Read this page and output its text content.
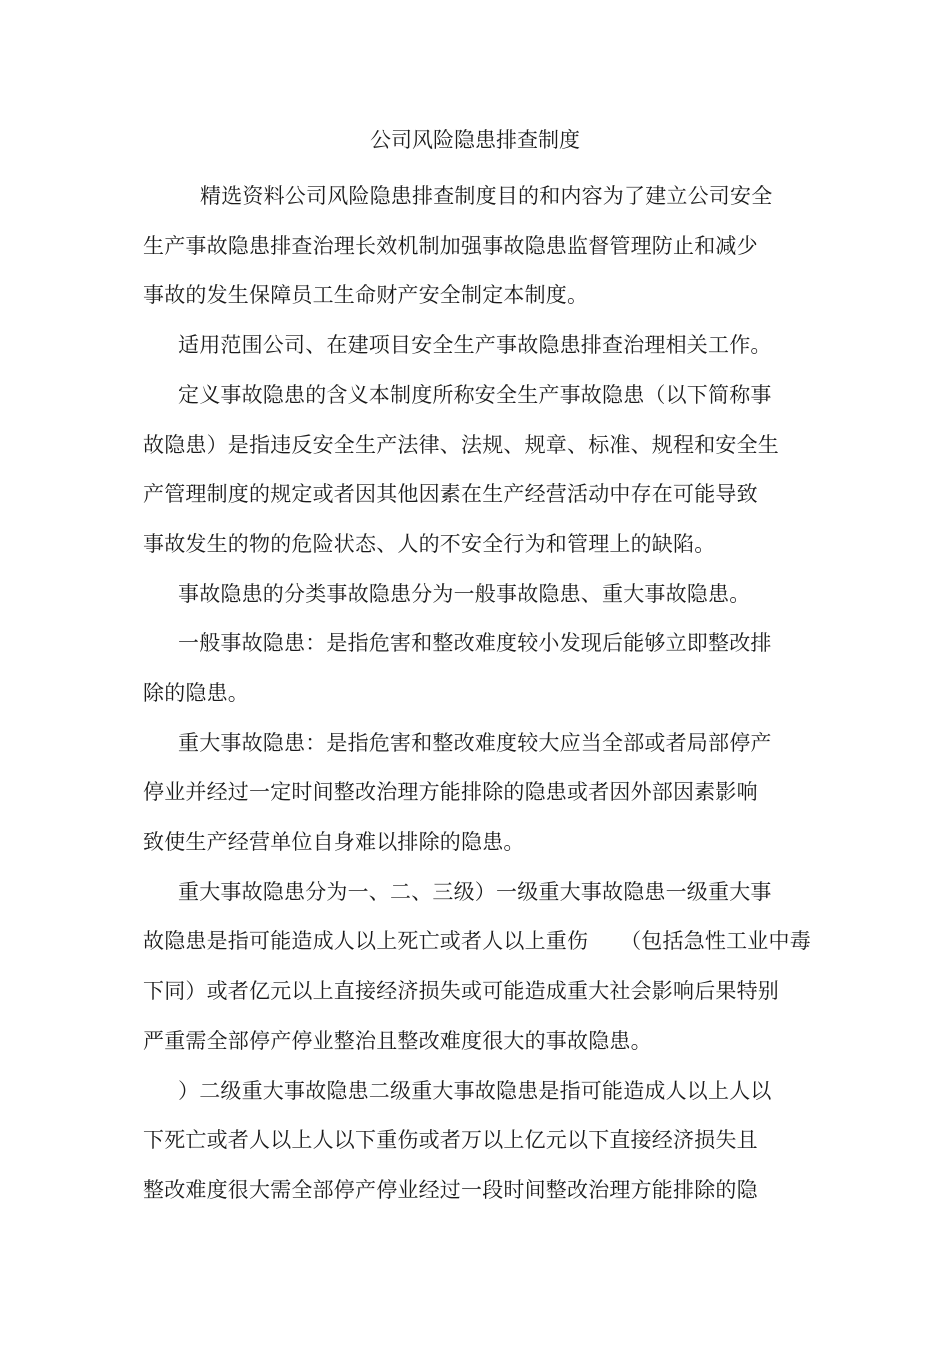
公司风险隐患排查制度
精选资料公司风险隐患排查制度目的和内容为了建立公司安全
生产事故隐患排查治理长效机制加强事故隐患监督管理防止和减少
事故的发生保障员工生命财产安全制定本制度。
适用范围公司、在建项目安全生产事故隐患排查治理相关工作。
定义事故隐患的含义本制度所称安全生产事故隐患（以下简称事
故隐患）是指违反安全生产法律、法规、规章、标准、规程和安全生
产管理制度的规定或者因其他因素在生产经营活动中存在可能导致
事故发生的物的危险状态、人的不安全行为和管理上的缺陷。
事故隐患的分类事故隐患分为一般事故隐患、重大事故隐患。
一般事故隐患：是指危害和整改难度较小发现后能够立即整改排
除的隐患。
重大事故隐患：是指危害和整改难度较大应当全部或者局部停产
停业并经过一定时间整改治理方能排除的隐患或者因外部因素影响
致使生产经营单位自身难以排除的隐患。
重大事故隐患分为一、二、三级）一级重大事故隐患一级重大事
故隐患是指可能造成人以上死亡或者人以上重伤　　（包括急性工业中毒
下同）或者亿元以上直接经济损失或可能造成重大社会影响后果特别
严重需全部停产停业整治且整改难度很大的事故隐患。
）二级重大事故隐患二级重大事故隐患是指可能造成人以上人以
下死亡或者人以上人以下重伤或者万以上亿元以下直接经济损失且
整改难度很大需全部停产停业经过一段时间整改治理方能排除的隐
